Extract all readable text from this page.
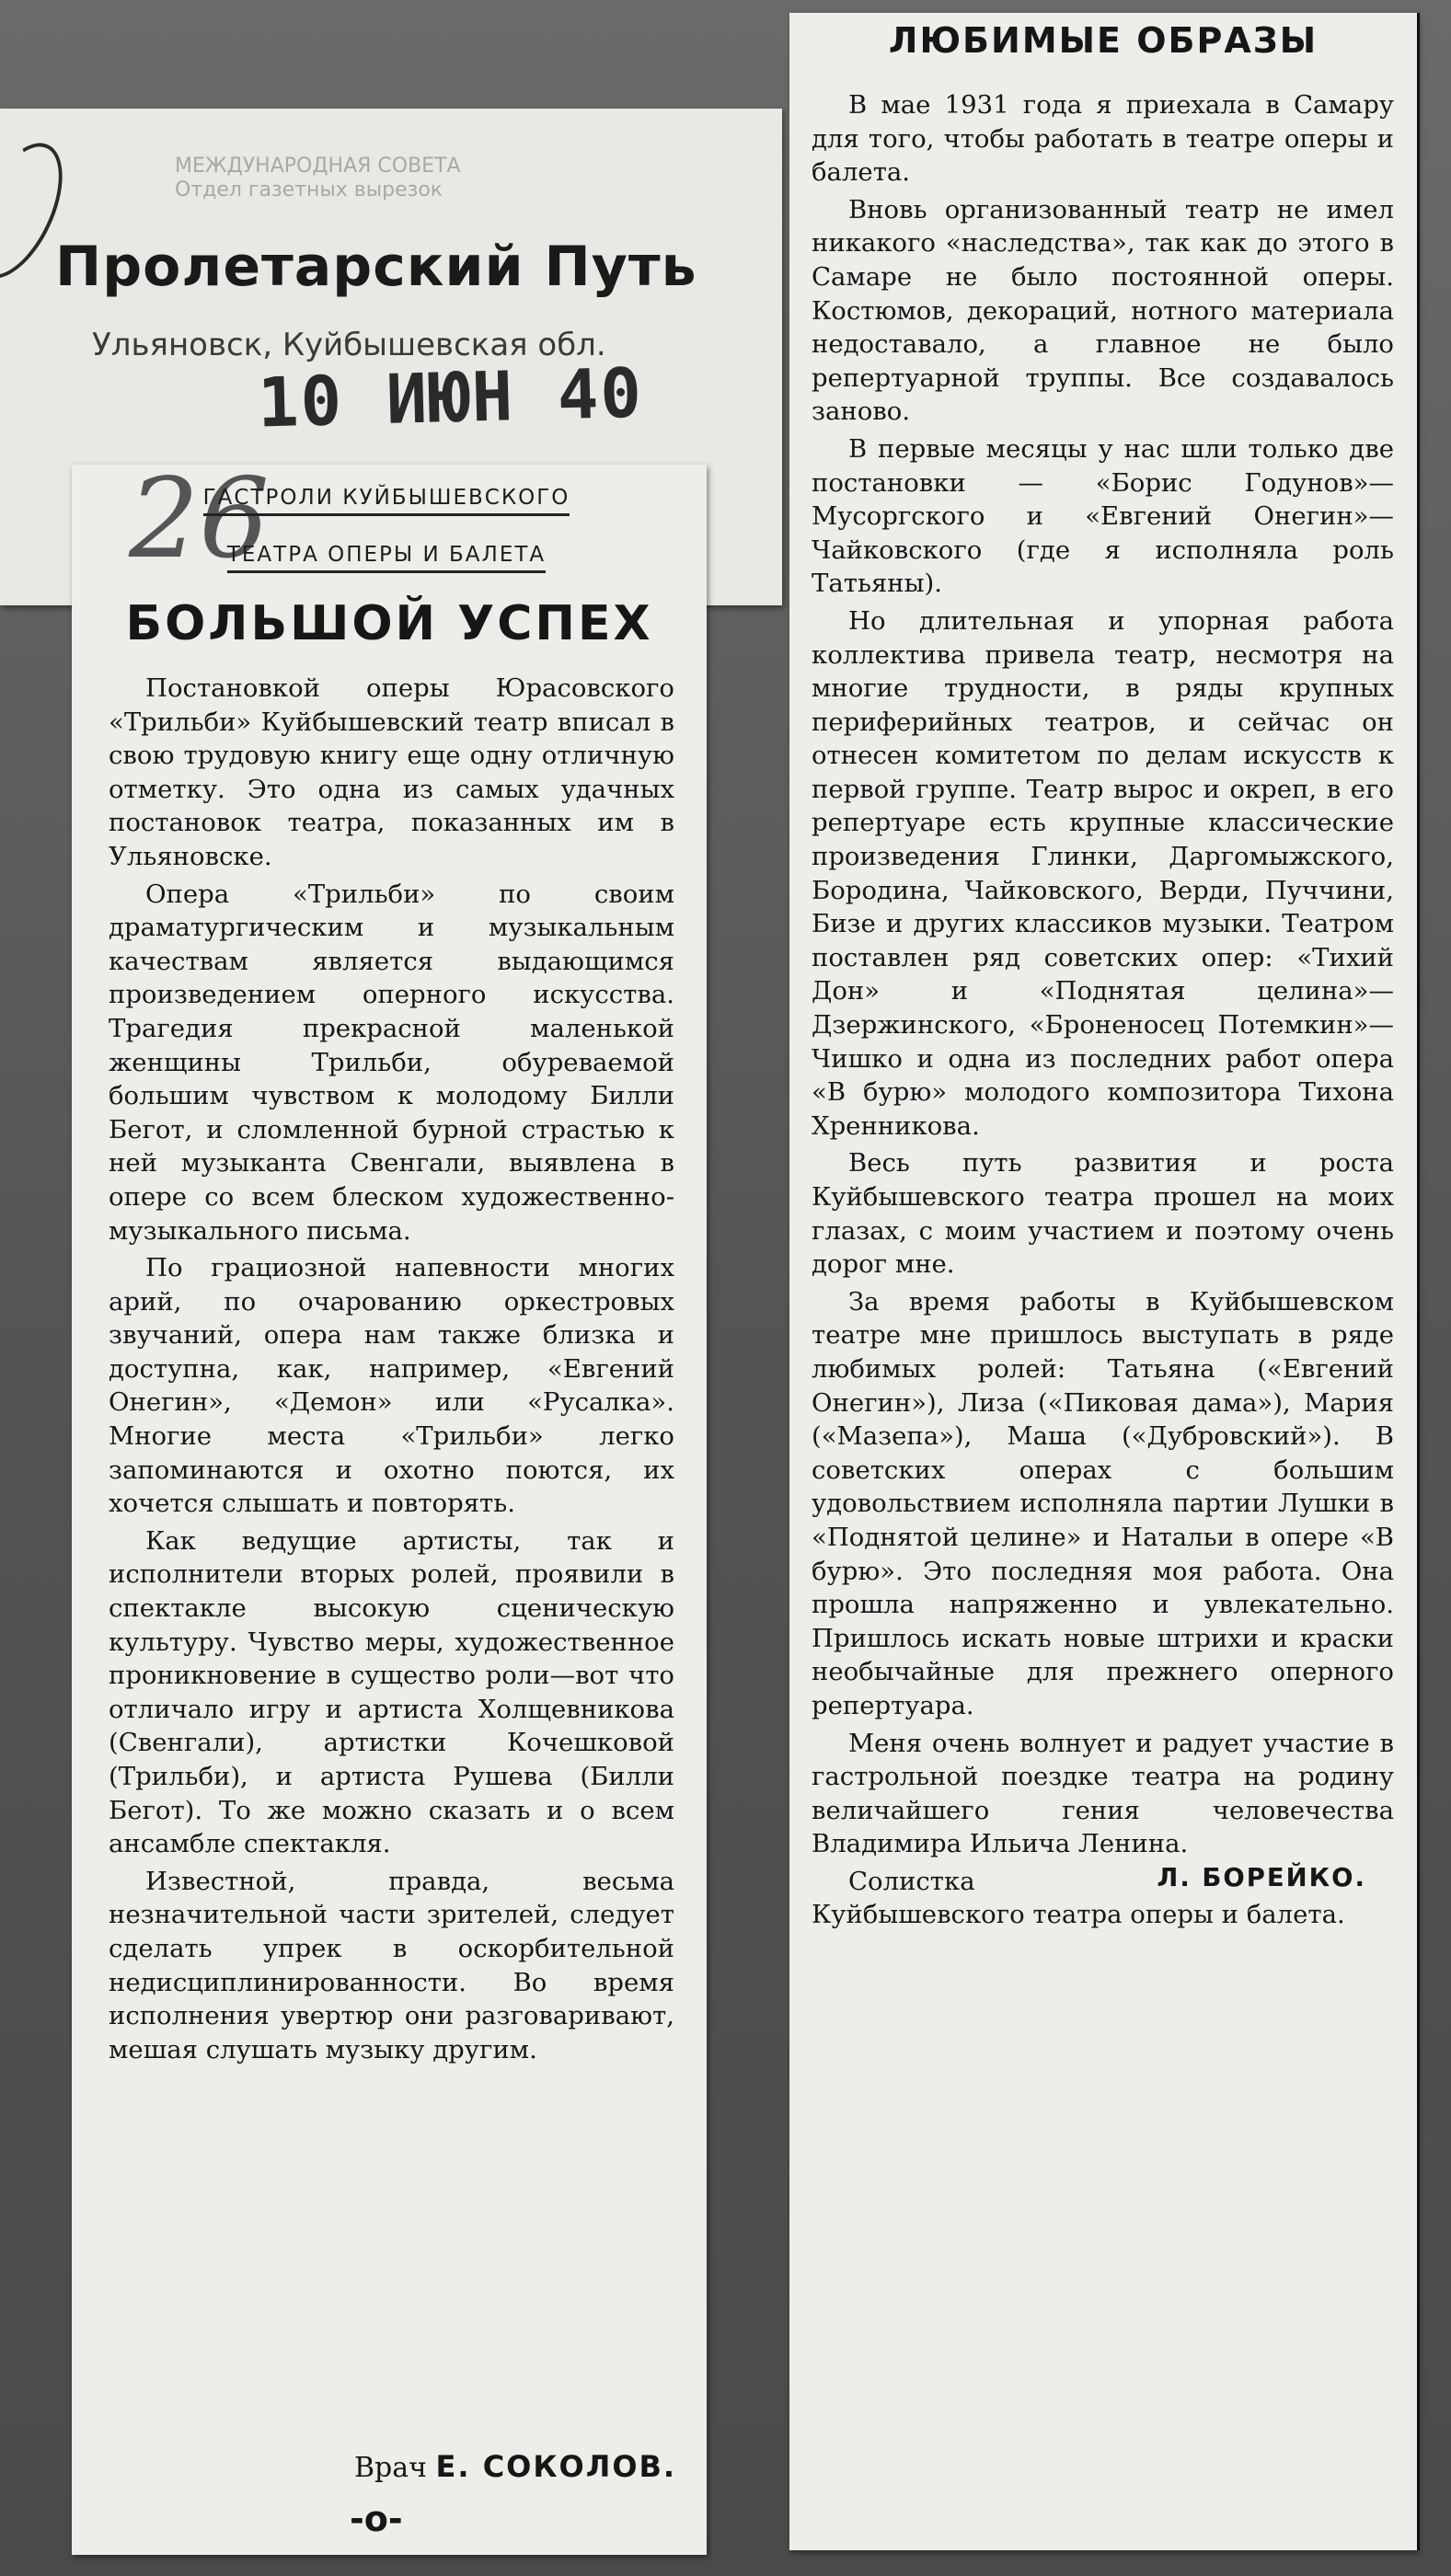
МЕЖДУНАРОДНАЯ СОВЕТА
Отдел газетных вырезок
Пролетарский Путь
Ульяновск, Куйбышевская обл.
10 ИЮН 40
26
ГАСТРОЛИ КУЙБЫШЕВСКОГО
ТЕАТРА ОПЕРЫ И БАЛЕТА
БОЛЬШОЙ УСПЕХ

Постановкой оперы Юрасовского «Трильби» Куйбышевский театр вписал в свою трудовую книгу еще одну отличную отметку. Это одна из самых удачных постановок театра, показанных им в Ульяновске.

Опера «Трильби» по своим драматургическим и музыкальным качествам является выдающимся произведением оперного искусства. Трагедия прекрасной маленькой женщины Трильби, обуреваемой большим чувством к молодому Билли Бегот, и сломленной бурной страстью к ней музыканта Свенгали, выявлена в опере со всем блеском художественно-музыкального письма.

По грациозной напевности многих арий, по очарованию оркестровых звучаний, опера нам также близка и доступна, как, например, «Евгений Онегин», «Демон» или «Русалка». Многие места «Трильби» легко запоминаются и охотно поются, их хочется слышать и повторять.

Как ведущие артисты, так и исполнители вторых ролей, проявили в спектакле высокую сценическую культуру. Чувство меры, художественное проникновение в существо роли—вот что отличало игру и артиста Холщевникова (Свенгали), артистки Кочешковой (Трильби), и артиста Рушева (Билли Бегот). То же можно сказать и о всем ансамбле спектакля.

Известной, правда, весьма незначительной части зрителей, следует сделать упрек в оскорбительной недисциплинированности. Во время исполнения увертюр они разговаривают, мешая слушать музыку другим.

Врач Е. СОКОЛОВ.
-о-
ЛЮБИМЫЕ ОБРАЗЫ

В мае 1931 года я приехала в Самару для того, чтобы работать в театре оперы и балета.

Вновь организованный театр не имел никакого «наследства», так как до этого в Самаре не было постоянной оперы. Костюмов, декораций, нотного материала недоставало, а главное не было репертуарной труппы. Все создавалось заново.

В первые месяцы у нас шли только две постановки — «Борис Годунов»—Мусоргского и «Евгений Онегин»—Чайковского (где я исполняла роль Татьяны).

Но длительная и упорная работа коллектива привела театр, несмотря на многие трудности, в ряды крупных периферийных театров, и сейчас он отнесен комитетом по делам искусств к первой группе. Театр вырос и окреп, в его репертуаре есть крупные классические произведения Глинки, Даргомыжского, Бородина, Чайковского, Верди, Пуччини, Бизе и других классиков музыки. Театром поставлен ряд советских опер: «Тихий Дон» и «Поднятая целина»—Дзержинского, «Броненосец Потемкин»—Чишко и одна из последних работ опера «В бурю» молодого композитора Тихона Хренникова.

Весь путь развития и роста Куйбышевского театра прошел на моих глазах, с моим участием и поэтому очень дорог мне.

За время работы в Куйбышевском театре мне пришлось выступать в ряде любимых ролей: Татьяна («Евгений Онегин»), Лиза («Пиковая дама»), Мария («Мазепа»), Маша («Дубровский»). В советских операх с большим удовольствием исполняла партии Лушки в «Поднятой целине» и Натальи в опере «В бурю». Это последняя моя работа. Она прошла напряженно и увлекательно. Пришлось искать новые штрихи и краски необычайные для прежнего оперного репертуара.

Меня очень волнует и радует участие в гастрольной поездке театра на родину величайшего гения человечества Владимира Ильича Ленина.
Л. БОРЕЙКО.

Солистка Куйбышевского театра оперы и балета.
